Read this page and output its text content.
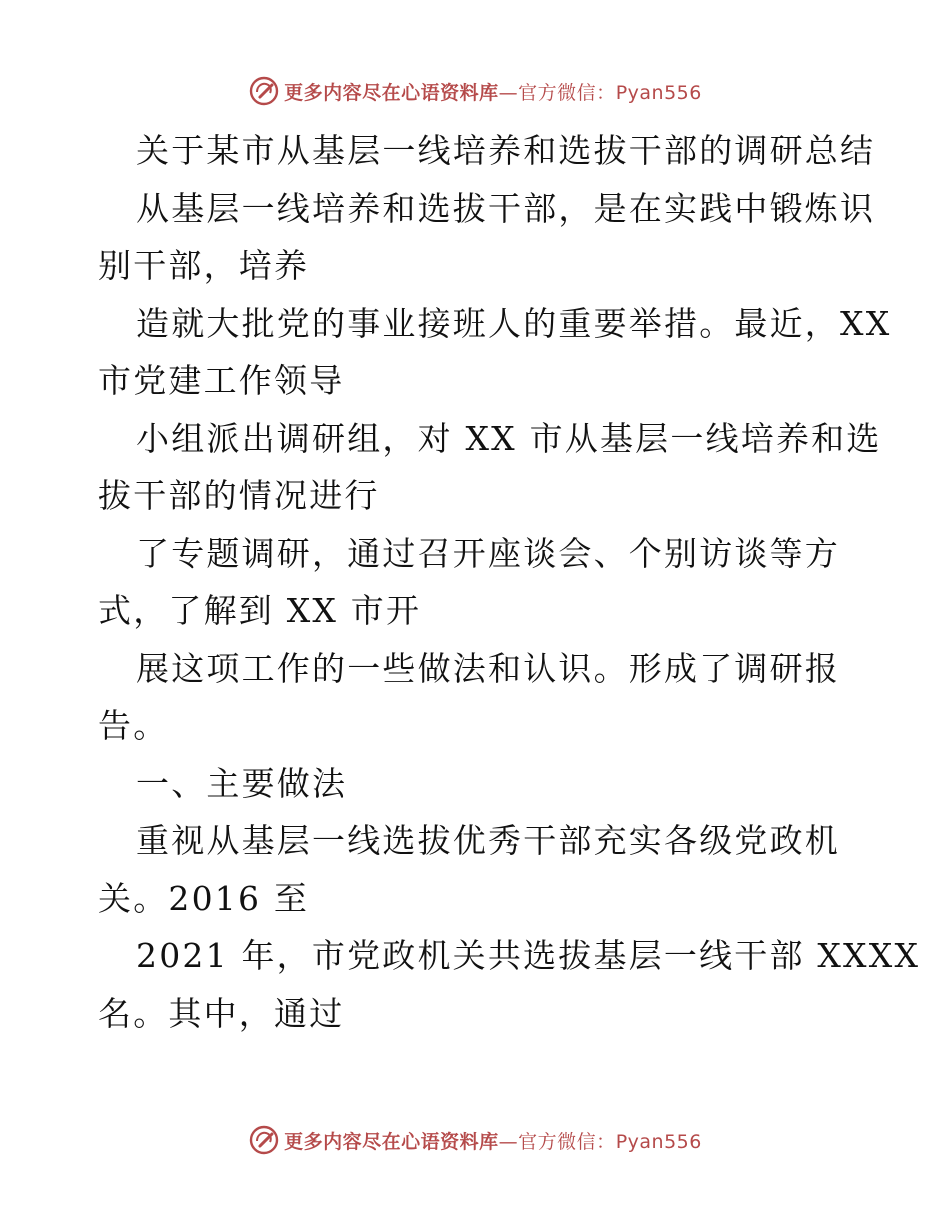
更多内容尽在心语资料库—官方微信：Pyan556
关于某市从基层一线培养和选拔干部的调研总结
从基层一线培养和选拔干部，是在实践中锻炼识
别干部，培养
造就大批党的事业接班人的重要举措。最近，XX
市党建工作领导
小组派出调研组，对 XX 市从基层一线培养和选
拔干部的情况进行
了专题调研，通过召开座谈会、个别访谈等方
式，了解到 XX 市开
展这项工作的一些做法和认识。形成了调研报
告。
一、主要做法
重视从基层一线选拔优秀干部充实各级党政机
关。2016 至
2021 年，市党政机关共选拔基层一线干部 XXXX
名。其中，通过
更多内容尽在心语资料库—官方微信：Pyan556
